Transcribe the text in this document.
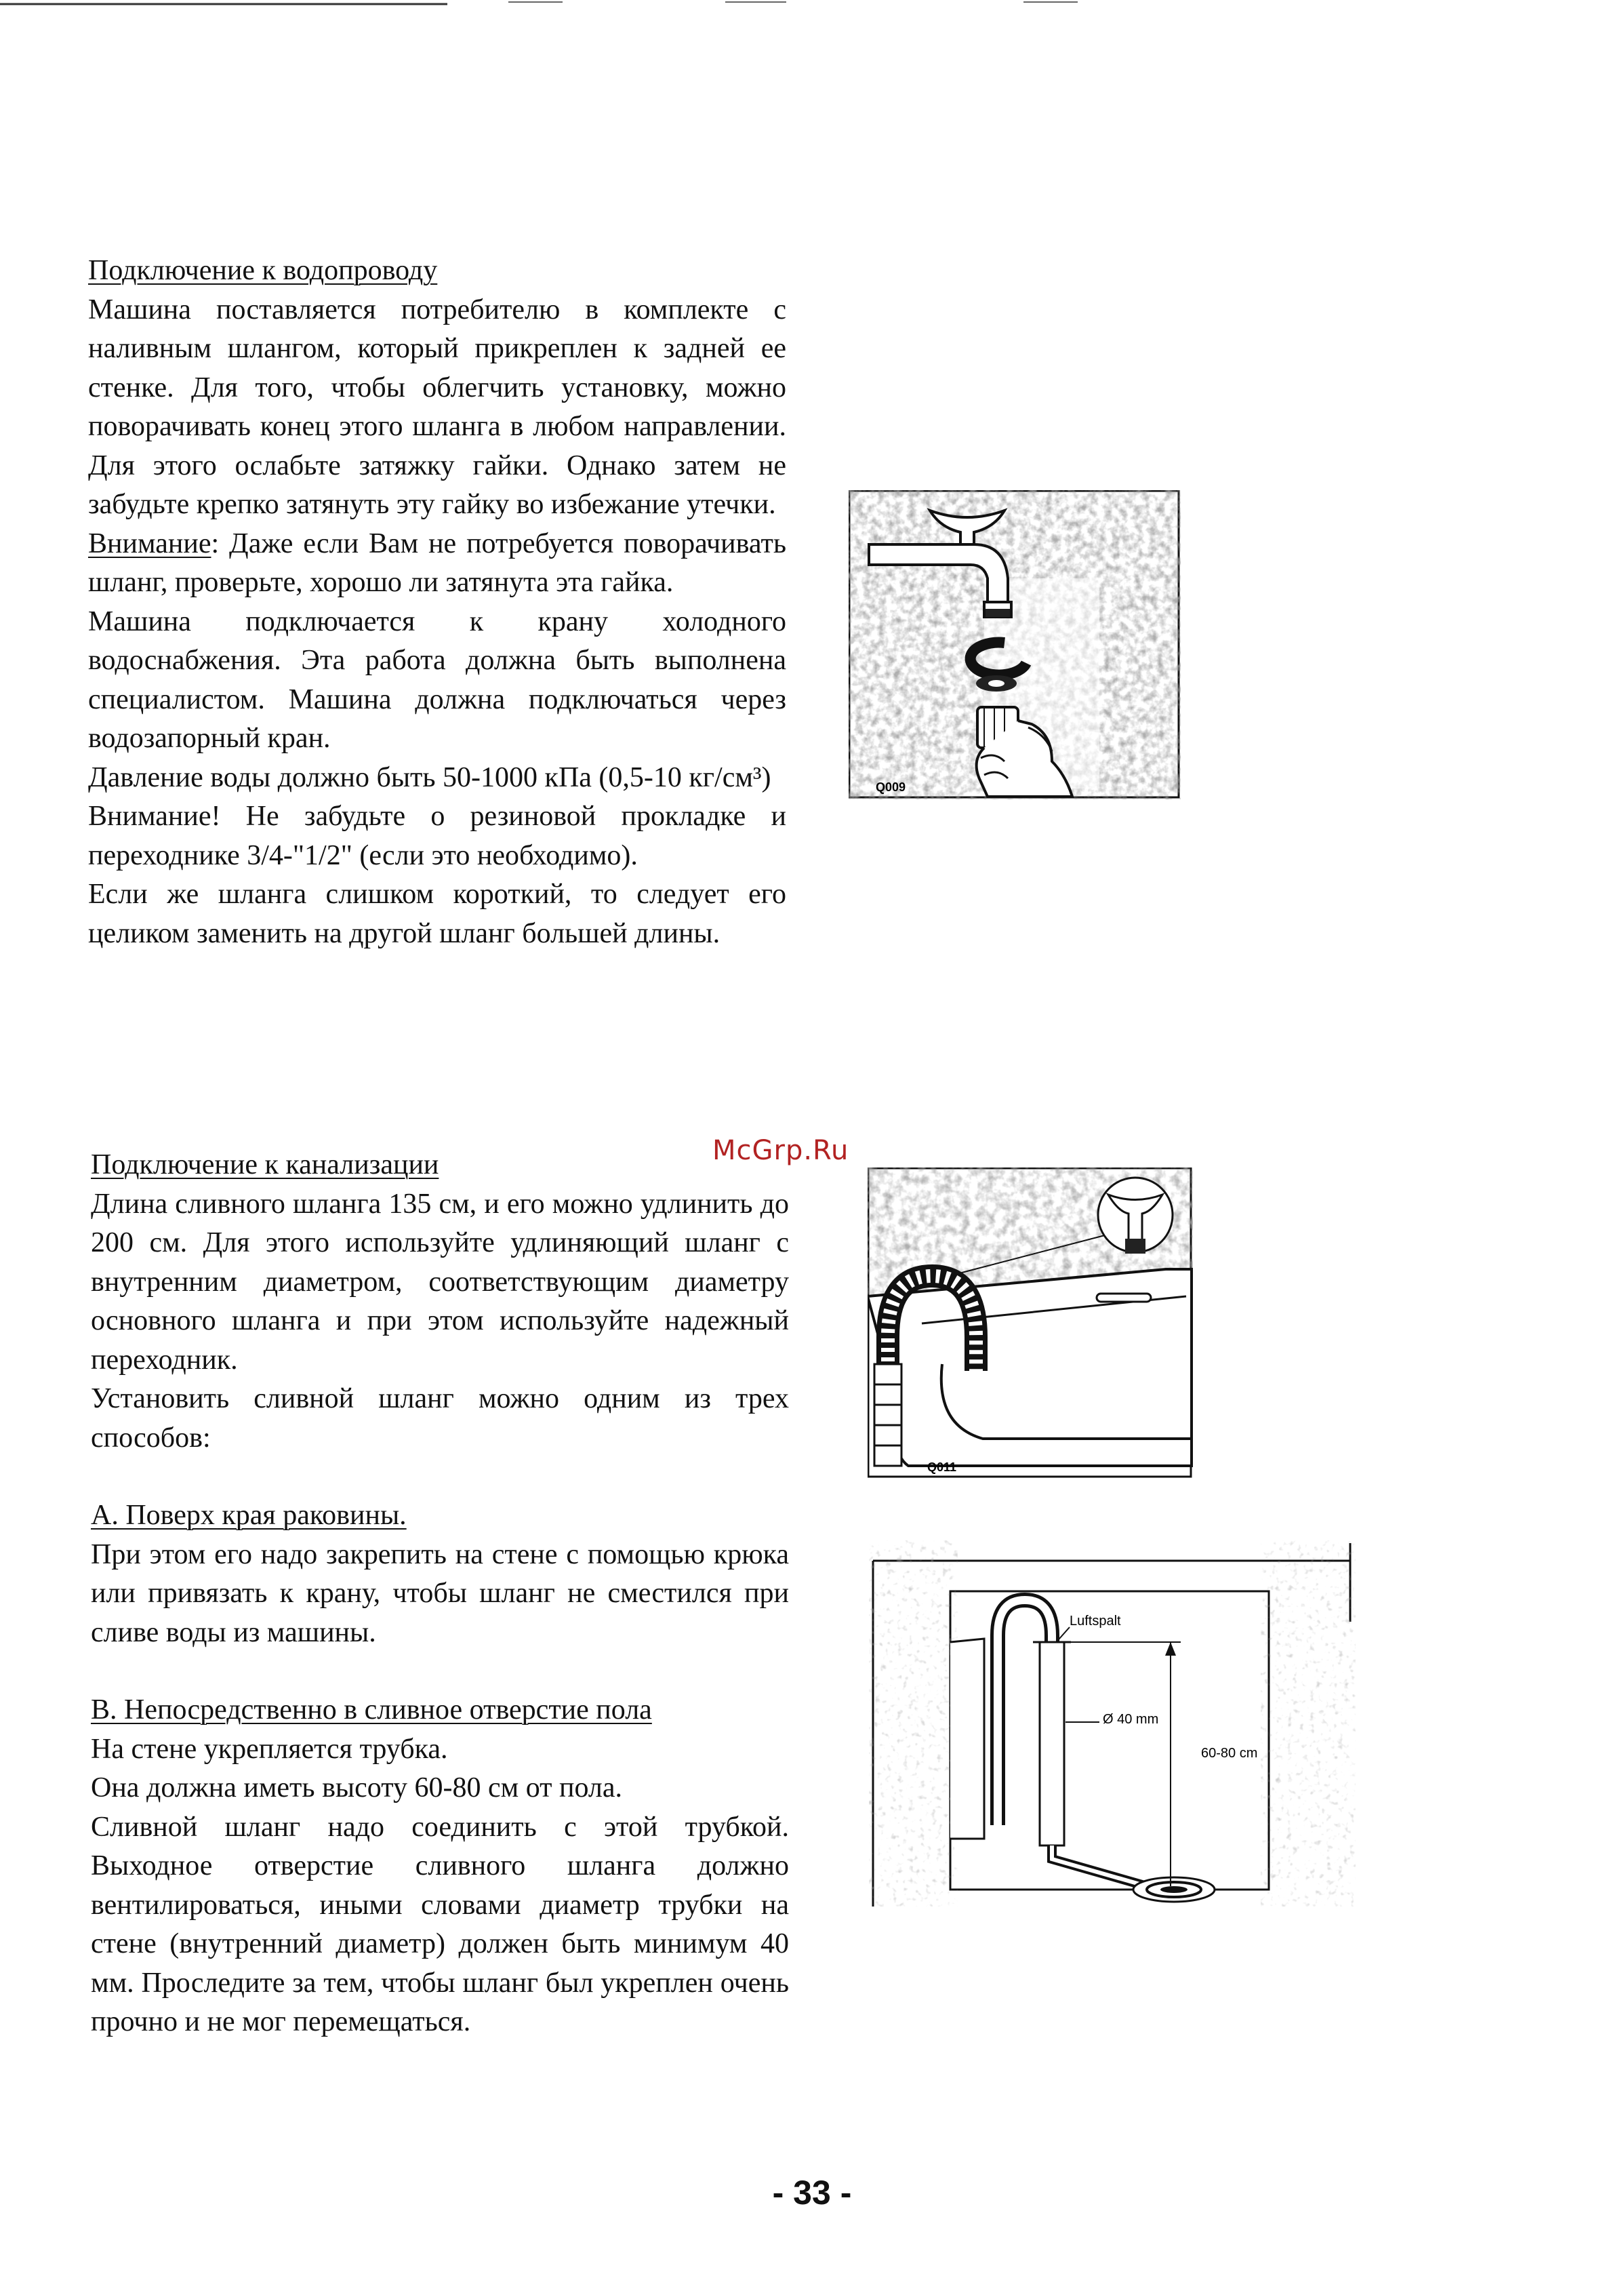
Подключение к водопроводу

Машина поставляется потребителю в комплекте с наливным шлангом, который прикреплен к задней ее стенке. Для того, чтобы облегчить установку, можно поворачивать конец этого шланга в любом направлении. Для этого ослабьте затяжку гайки. Однако затем не забудьте крепко затянуть эту гайку во избежание утечки.

Внимание: Даже если Вам не потребуется поворачивать шланг, проверьте, хорошо ли затянута эта гайка.

Машина подключается к крану холодного водоснабжения. Эта работа должна быть выполнена специалистом. Машина должна подключаться через водозапорный кран.

Давление воды должно быть 50-1000 кПа (0,5-10 кг/см³)

Внимание! Не забудьте о резиновой прокладке и переходнике 3/4-"1/2" (если это необходимо).

Если же шланга слишком короткий, то следует его целиком заменить на другой шланг большей длины.

Q009
McGrp.Ru

Подключение к канализации

Длина сливного шланга 135 см, и его можно удлинить до 200 см. Для этого используйте удлиняющий шланг с внутренним диаметром, соответствующим диаметру основного шланга и при этом используйте надежный переходник.

Установить сливной шланг можно одним из трех способов:

А. Поверх края раковины.

При этом его надо закрепить на стене с помощью крюка или привязать к крану, чтобы шланг не сместился при сливе воды из машины.

В. Непосредственно в сливное отверстие пола

На стене укрепляется трубка.

Она должна иметь высоту 60-80 см от пола.

Сливной шланг надо соединить с этой трубкой. Выходное отверстие сливного шланга должно вентилироваться, иными словами диаметр трубки на стене (внутренний диаметр) должен быть минимум 40 мм. Проследите за тем, чтобы шланг был укреплен очень прочно и не мог перемещаться.

Q011
Ø 40 mm
Luftspalt
60-80 cm
- 33 -
